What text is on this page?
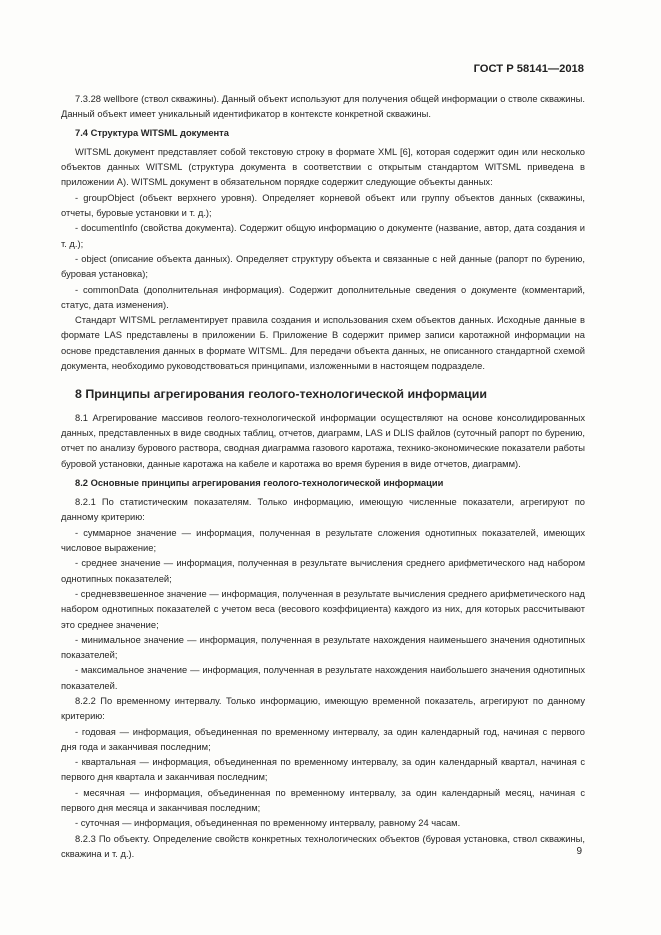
ГОСТ Р 58141—2018

7.3.28 wellbore (ствол скважины). Данный объект используют для получения общей информации о стволе скважины. Данный объект имеет уникальный идентификатор в контексте конкретной скважины.

7.4 Структура WITSML документа

WITSML документ представляет собой текстовую строку в формате XML [6], которая содержит один или несколько объектов данных WITSML (структура документа в соответствии с открытым стандартом WITSML приведена в приложении А). WITSML документ в обязательном порядке содержит следующие объекты данных:

- groupObject (объект верхнего уровня). Определяет корневой объект или группу объектов данных (скважины, отчеты, буровые установки и т. д.);

- documentInfo (свойства документа). Содержит общую информацию о документе (название, автор, дата создания и т. д.);

- object (описание объекта данных). Определяет структуру объекта и связанные с ней данные (рапорт по бурению, буровая установка);

- commonData (дополнительная информация). Содержит дополнительные сведения о документе (комментарий, статус, дата изменения).

Стандарт WITSML регламентирует правила создания и использования схем объектов данных. Исходные данные в формате LAS представлены в приложении Б. Приложение В содержит пример записи каротажной информации на основе представления данных в формате WITSML. Для передачи объекта данных, не описанного стандартной схемой документа, необходимо руководствоваться принципами, изложенными в настоящем подразделе.

8 Принципы агрегирования геолого-технологической информации

8.1 Агрегирование массивов геолого-технологической информации осуществляют на основе консолидированных данных, представленных в виде сводных таблиц, отчетов, диаграмм, LAS и DLIS файлов (суточный рапорт по бурению, отчет по анализу бурового раствора, сводная диаграмма газового каротажа, технико-экономические показатели работы буровой установки, данные каротажа на кабеле и каротажа во время бурения в виде отчетов, диаграмм).

8.2 Основные принципы агрегирования геолого-технологической информации

8.2.1 По статистическим показателям. Только информацию, имеющую численные показатели, агрегируют по данному критерию:

- суммарное значение — информация, полученная в результате сложения однотипных показателей, имеющих числовое выражение;

- среднее значение — информация, полученная в результате вычисления среднего арифметического над набором однотипных показателей;

- средневзвешенное значение — информация, полученная в результате вычисления среднего арифметического над набором однотипных показателей с учетом веса (весового коэффициента) каждого из них, для которых рассчитывают это среднее значение;

- минимальное значение — информация, полученная в результате нахождения наименьшего значения однотипных показателей;

- максимальное значение — информация, полученная в результате нахождения наибольшего значения однотипных показателей.

8.2.2 По временному интервалу. Только информацию, имеющую временной показатель, агрегируют по данному критерию:

- годовая — информация, объединенная по временному интервалу, за один календарный год, начиная с первого дня года и заканчивая последним;

- квартальная — информация, объединенная по временному интервалу, за один календарный квартал, начиная с первого дня квартала и заканчивая последним;

- месячная — информация, объединенная по временному интервалу, за один календарный месяц, начиная с первого дня месяца и заканчивая последним;

- суточная — информация, объединенная по временному интервалу, равному 24 часам.

8.2.3 По объекту. Определение свойств конкретных технологических объектов (буровая установка, ствол скважины, скважина и т. д.).	9
